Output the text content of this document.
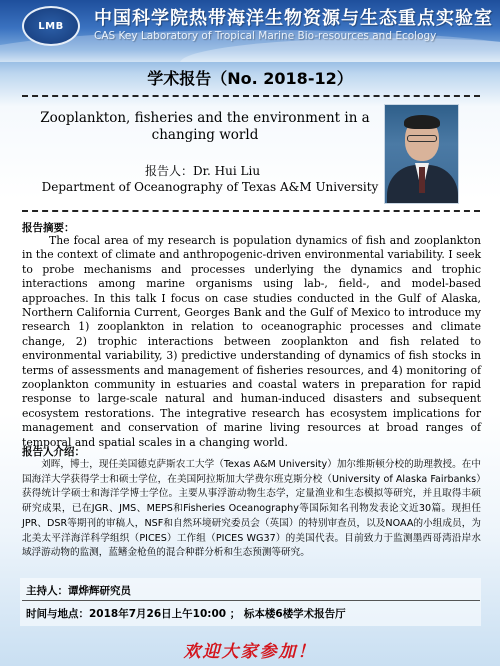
LMB	中国科学院热带海洋生物资源与生态重点实验室
CAS Key Laboratory of Tropical Marine Bio-resources and Ecology
学术报告（No. 2018-12）
Zooplankton, fisheries and the environment in a changing world
报告人：Dr. Hui Liu
Department of Oceanography of Texas A&M University
报告摘要：
The focal area of my research is population dynamics of fish and zooplankton in the context of climate and anthropogenic-driven environmental variability. I seek to probe mechanisms and processes underlying the dynamics and trophic interactions among marine organisms using lab-, field-, and model-based approaches. In this talk I focus on case studies conducted in the Gulf of Alaska, Northern California Current, Georges Bank and the Gulf of Mexico to introduce my research 1) zooplankton in relation to oceanographic processes and climate change, 2) trophic interactions between zooplankton and fish related to environmental variability, 3) predictive understanding of dynamics of fish stocks in terms of assessments and management of fisheries resources, and 4) monitoring of zooplankton community in estuaries and coastal waters in preparation for rapid response to large-scale natural and human-induced disasters and subsequent ecosystem restorations. The integrative research has ecosystem implications for management and conservation of marine living resources at broad ranges of temporal and spatial scales in a changing world.
报告人介绍：
刘晖，博士，现任美国德克萨斯农工大学（Texas A&M University）加尔维斯顿分校的助理教授。在中国海洋大学获得学士和硕士学位，在美国阿拉斯加大学费尔班克斯分校（University of Alaska Fairbanks）获得统计学硕士和海洋学博士学位。主要从事浮游动物生态学，定量渔业和生态模拟等研究，并且取得丰硕研究成果，已在JGR、JMS、MEPS和Fisheries Oceanography等国际知名刊物发表论文近30篇。现担任JPR、DSR等期刊的审稿人，NSF和自然环境研究委员会（英国）的特别审查员，以及NOAA的小组成员，为北美太平洋海洋科学组织（PICES）工作组（PICES WG37）的美国代表。目前致力于监测墨西哥湾沿岸水域浮游动物的监测，蓝鳍金枪鱼的混合种群分析和生态预测等研究。
主持人：谭烨辉研究员
时间与地点：2018年7月26日上午10:00 ； 标本楼6楼学术报告厅
欢迎大家参加！
